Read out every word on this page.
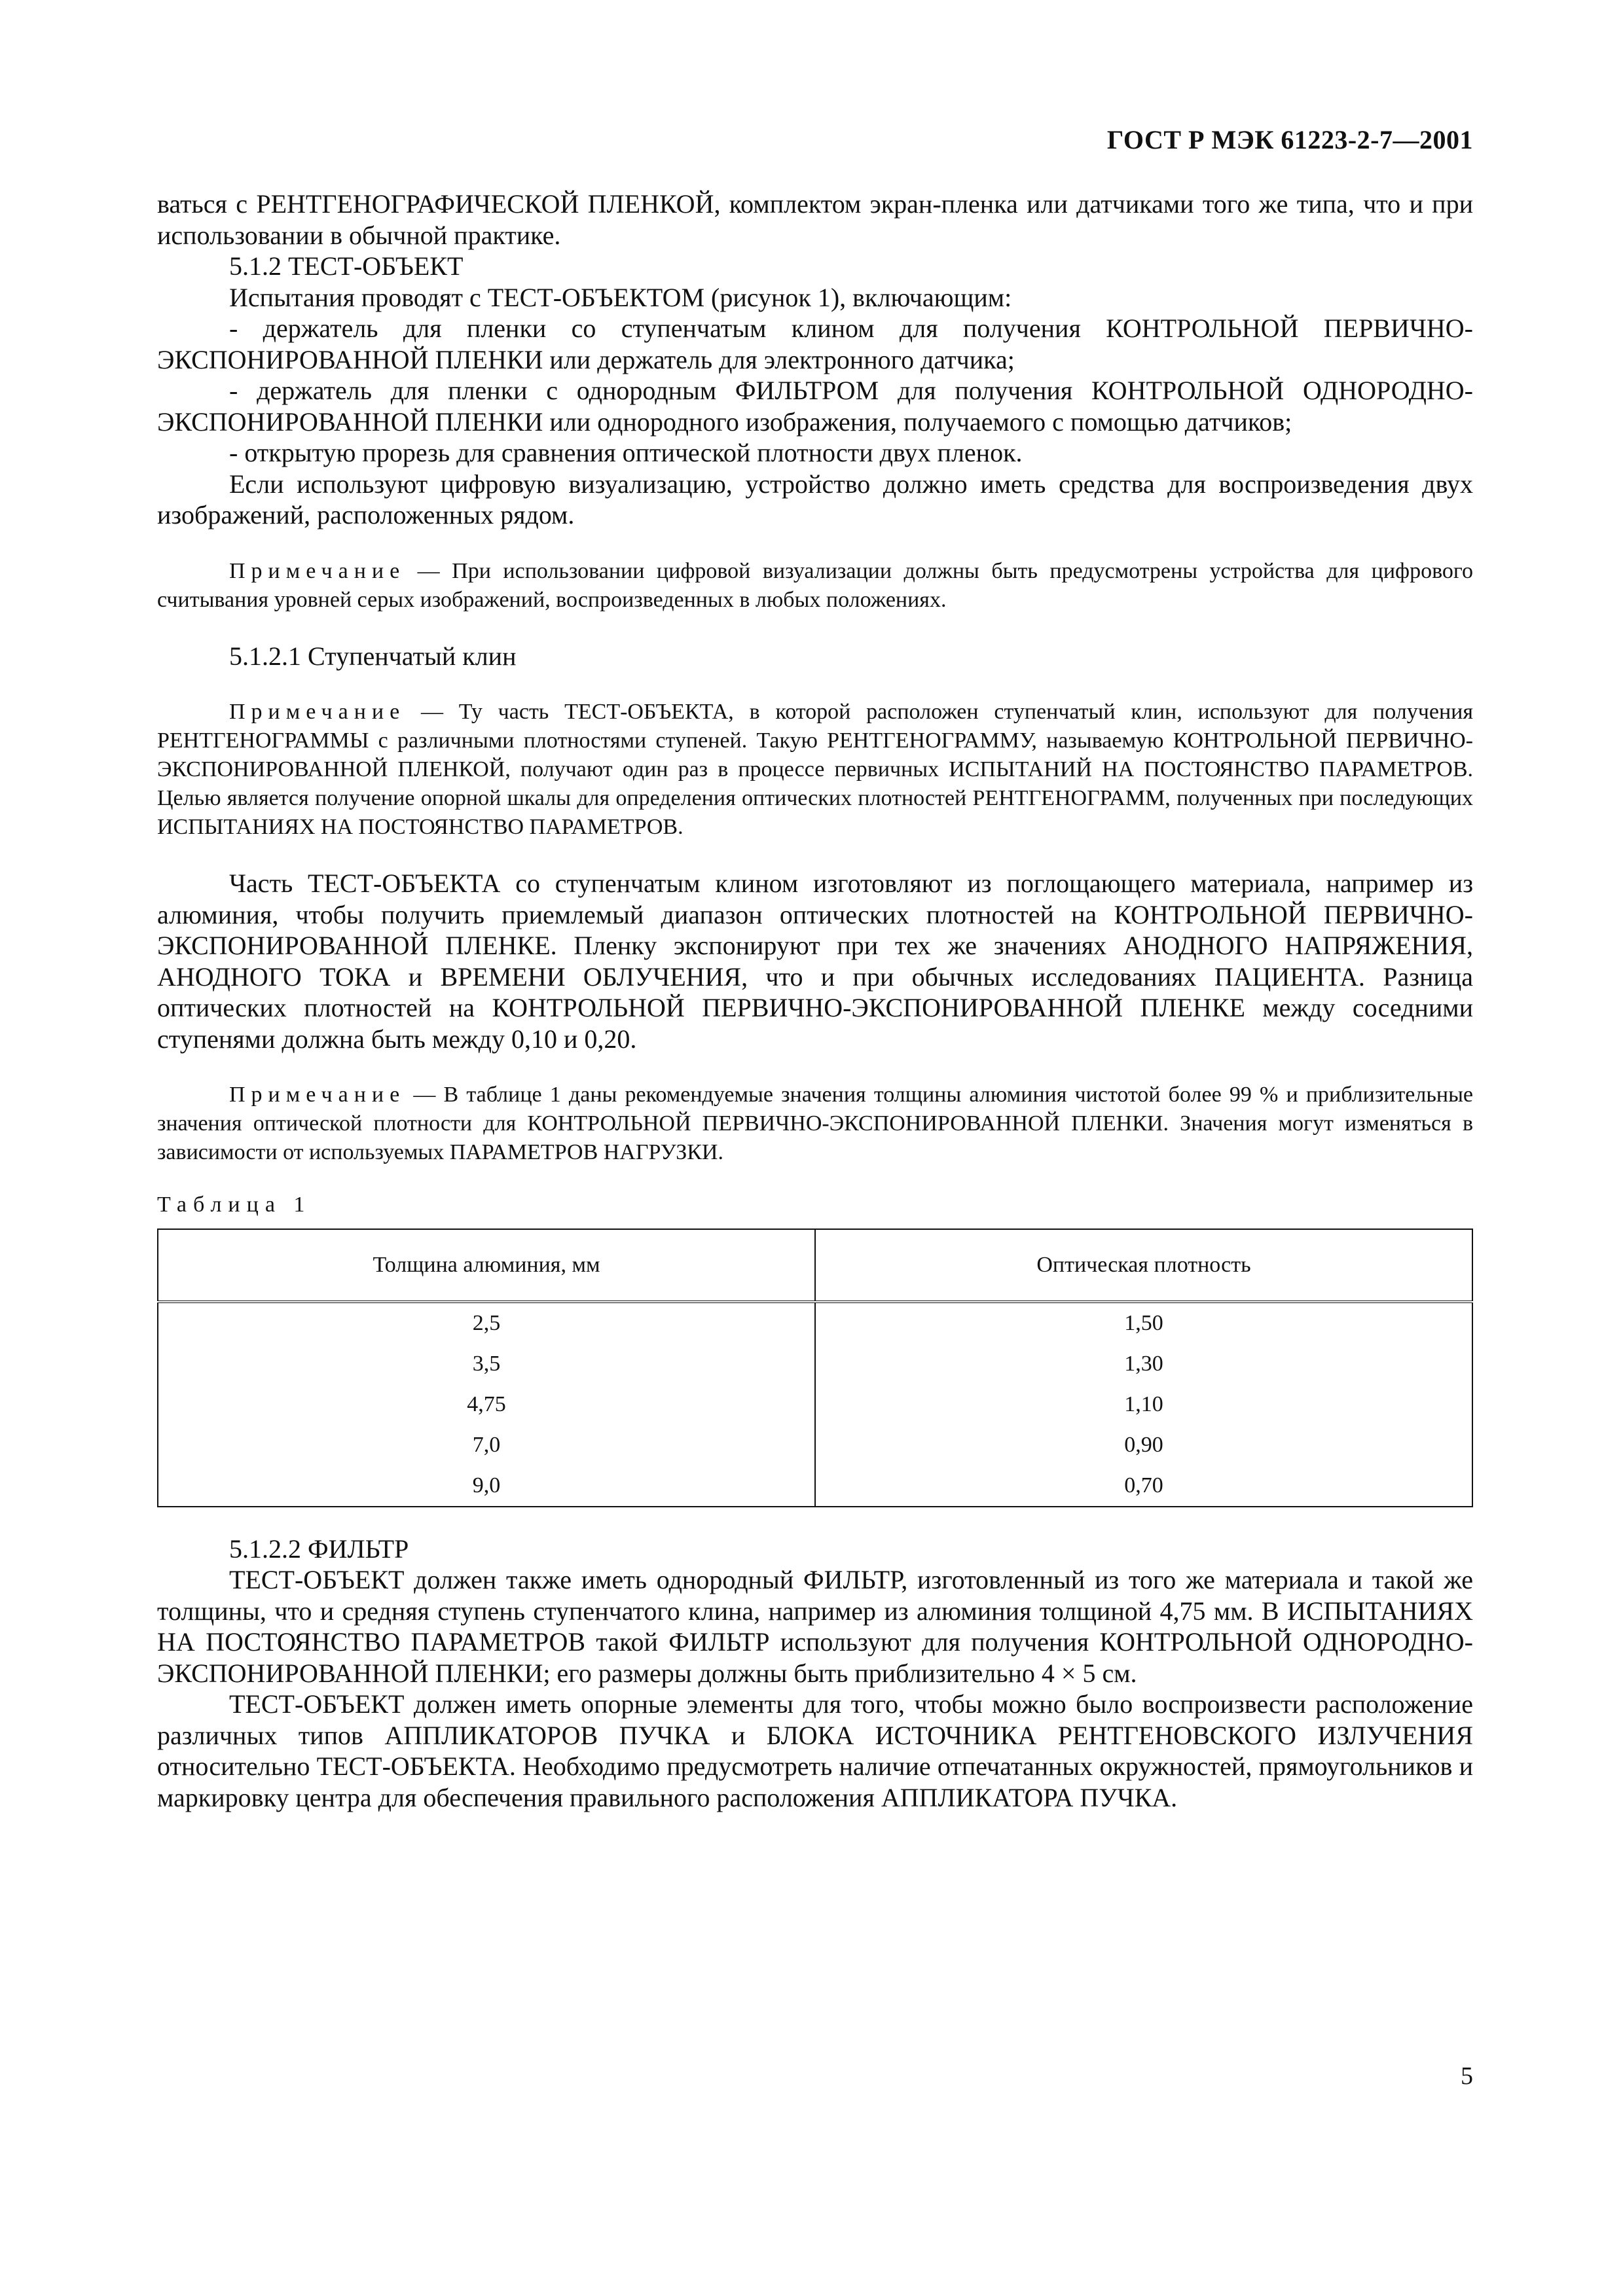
ГОСТ Р МЭК 61223-2-7—2001

ваться с РЕНТГЕНОГРАФИЧЕСКОЙ ПЛЕНКОЙ, комплектом экран-пленка или датчиками того же типа, что и при использовании в обычной практике.

5.1.2 ТЕСТ-ОБЪЕКТ

Испытания проводят с ТЕСТ-ОБЪЕКТОМ (рисунок 1), включающим:

- держатель для пленки со ступенчатым клином для получения КОНТРОЛЬНОЙ ПЕРВИЧНО-ЭКСПОНИРОВАННОЙ ПЛЕНКИ или держатель для электронного датчика;

- держатель для пленки с однородным ФИЛЬТРОМ для получения КОНТРОЛЬНОЙ ОДНОРОДНО-ЭКСПОНИРОВАННОЙ ПЛЕНКИ или однородного изображения, получаемого с помощью датчиков;

- открытую прорезь для сравнения оптической плотности двух пленок.

Если используют цифровую визуализацию, устройство должно иметь средства для воспроизведения двух изображений, расположенных рядом.

Примечание — При использовании цифровой визуализации должны быть предусмотрены устройства для цифрового считывания уровней серых изображений, воспроизведенных в любых положениях.

5.1.2.1 Ступенчатый клин

Примечание — Ту часть ТЕСТ-ОБЪЕКТА, в которой расположен ступенчатый клин, используют для получения РЕНТГЕНОГРАММЫ с различными плотностями ступеней. Такую РЕНТГЕНОГРАММУ, называемую КОНТРОЛЬНОЙ ПЕРВИЧНО-ЭКСПОНИРОВАННОЙ ПЛЕНКОЙ, получают один раз в процессе первичных ИСПЫТАНИЙ НА ПОСТОЯНСТВО ПАРАМЕТРОВ. Целью является получение опорной шкалы для определения оптических плотностей РЕНТГЕНОГРАММ, полученных при последующих ИСПЫТАНИЯХ НА ПОСТОЯНСТВО ПАРАМЕТРОВ.

Часть ТЕСТ-ОБЪЕКТА со ступенчатым клином изготовляют из поглощающего материала, например из алюминия, чтобы получить приемлемый диапазон оптических плотностей на КОНТРОЛЬНОЙ ПЕРВИЧНО-ЭКСПОНИРОВАННОЙ ПЛЕНКЕ. Пленку экспонируют при тех же значениях АНОДНОГО НАПРЯЖЕНИЯ, АНОДНОГО ТОКА и ВРЕМЕНИ ОБЛУЧЕНИЯ, что и при обычных исследованиях ПАЦИЕНТА. Разница оптических плотностей на КОНТРОЛЬНОЙ ПЕРВИЧНО-ЭКСПОНИРОВАННОЙ ПЛЕНКЕ между соседними ступенями должна быть между 0,10 и 0,20.

Примечание — В таблице 1 даны рекомендуемые значения толщины алюминия чистотой более 99 % и приблизительные значения оптической плотности для КОНТРОЛЬНОЙ ПЕРВИЧНО-ЭКСПОНИРОВАННОЙ ПЛЕНКИ. Значения могут изменяться в зависимости от используемых ПАРАМЕТРОВ НАГРУЗКИ.

Таблица 1
Толщина алюминия, мм	Оптическая плотность
2,5	1,50
3,5	1,30
4,75	1,10
7,0	0,90
9,0	0,70

5.1.2.2 ФИЛЬТР

ТЕСТ-ОБЪЕКТ должен также иметь однородный ФИЛЬТР, изготовленный из того же материала и такой же толщины, что и средняя ступень ступенчатого клина, например из алюминия толщиной 4,75 мм. В ИСПЫТАНИЯХ НА ПОСТОЯНСТВО ПАРАМЕТРОВ такой ФИЛЬТР используют для получения КОНТРОЛЬНОЙ ОДНОРОДНО-ЭКСПОНИРОВАННОЙ ПЛЕНКИ; его размеры должны быть приблизительно 4 × 5 см.

ТЕСТ-ОБЪЕКТ должен иметь опорные элементы для того, чтобы можно было воспроизвести расположение различных типов АППЛИКАТОРОВ ПУЧКА и БЛОКА ИСТОЧНИКА РЕНТГЕНОВСКОГО ИЗЛУЧЕНИЯ относительно ТЕСТ-ОБЪЕКТА. Необходимо предусмотреть наличие отпечатанных окружностей, прямоугольников и маркировку центра для обеспечения правильного расположения АППЛИКАТОРА ПУЧКА.

5
